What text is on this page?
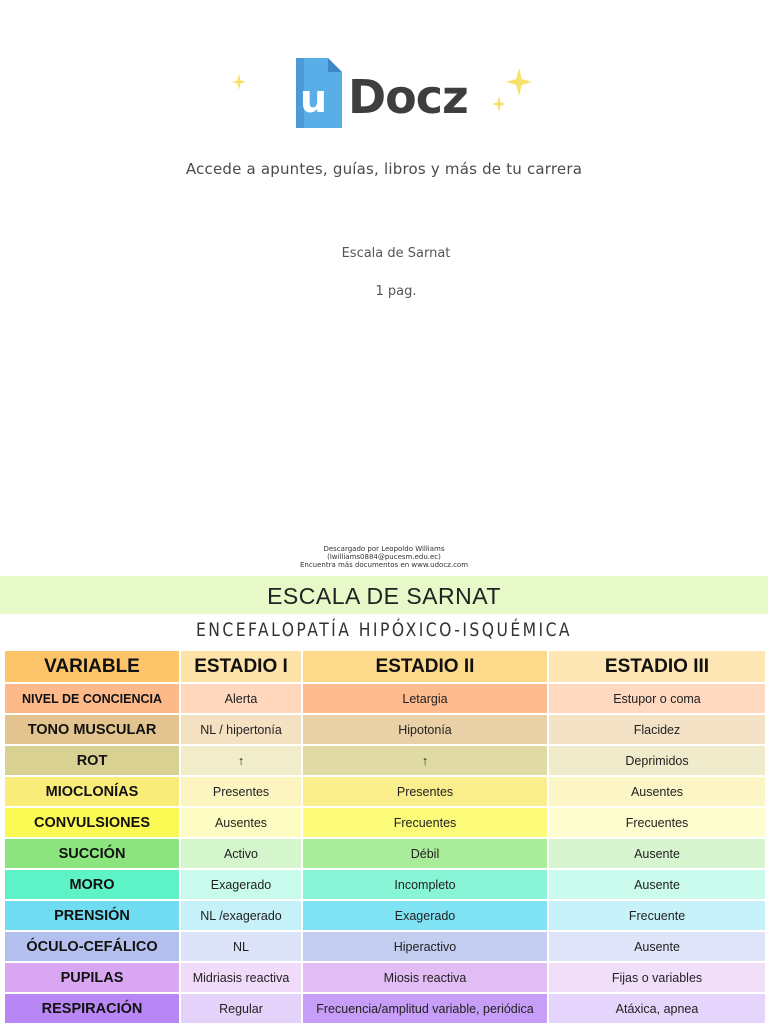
u Docz
Accede a apuntes, guías, libros y más de tu carrera
Escala de Sarnat
1 pag.
Descargado por Leopoldo Williams
(lwilliams0884@pucesm.edu.ec)
Encuentra más documentos en www.udocz.com
ESCALA DE SARNAT
ENCEFALOPATÍA HIPÓXICO-ISQUÉMICA
VARIABLE	ESTADIO I	ESTADIO II	ESTADIO III
NIVEL DE CONCIENCIA	Alerta	Letargia	Estupor o coma
TONO MUSCULAR	NL / hipertonía	Hipotonía	Flacidez
ROT	↑	↑	Deprimidos
MIOCLONÍAS	Presentes	Presentes	Ausentes
CONVULSIONES	Ausentes	Frecuentes	Frecuentes
SUCCIÓN	Activo	Débil	Ausente
MORO	Exagerado	Incompleto	Ausente
PRENSIÓN	NL /exagerado	Exagerado	Frecuente
ÓCULO-CEFÁLICO	NL	Hiperactivo	Ausente
PUPILAS	Midriasis reactiva	Miosis reactiva	Fijas o variables
RESPIRACIÓN	Regular	Frecuencia/amplitud variable, periódica	Atáxica, apnea
